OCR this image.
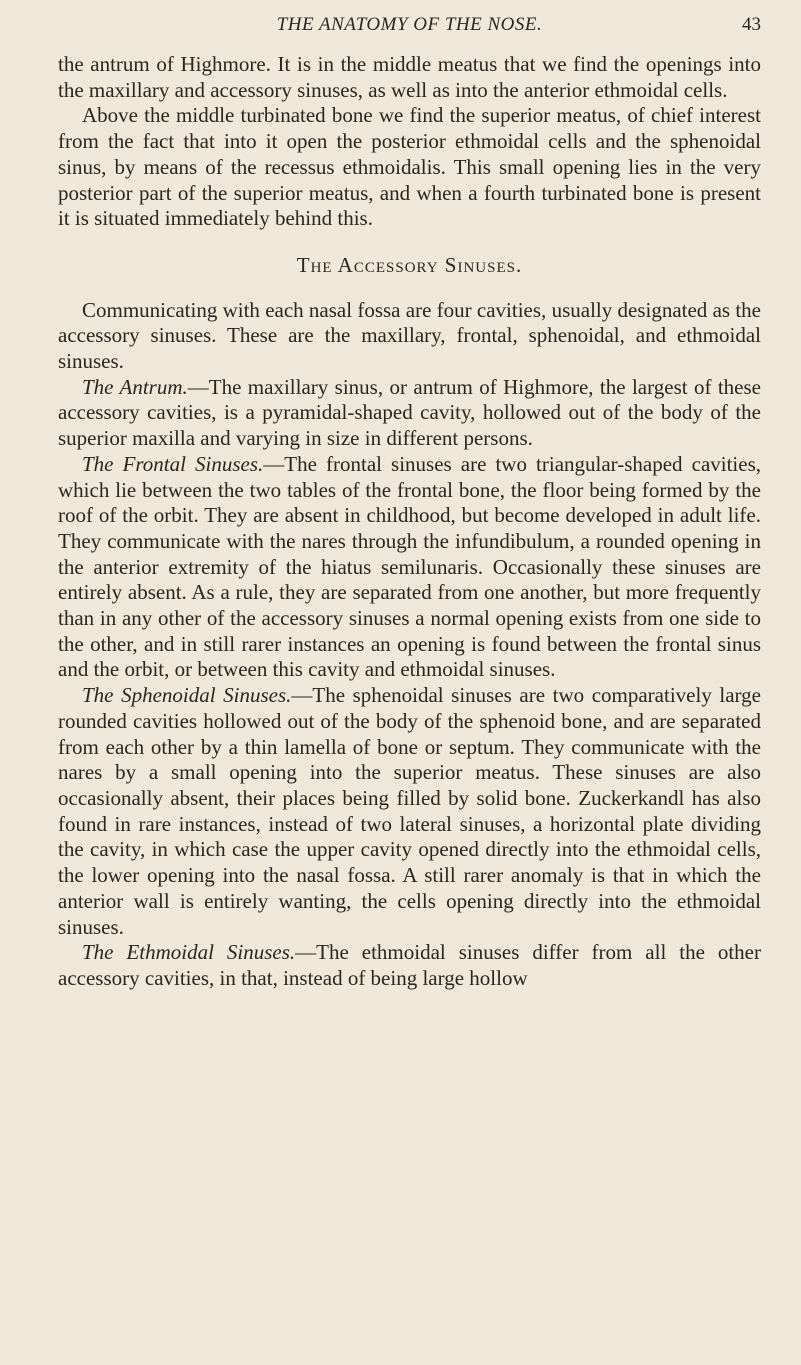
THE ANATOMY OF THE NOSE.	43

the antrum of Highmore. It is in the middle meatus that we find the openings into the maxillary and accessory sinuses, as well as into the anterior ethmoidal cells.

Above the middle turbinated bone we find the superior meatus, of chief interest from the fact that into it open the posterior ethmoidal cells and the sphenoidal sinus, by means of the recessus ethmoidalis. This small opening lies in the very posterior part of the superior meatus, and when a fourth turbinated bone is present it is situated immediately behind this.

The Accessory Sinuses.

Communicating with each nasal fossa are four cavities, usually designated as the accessory sinuses. These are the maxillary, frontal, sphenoidal, and ethmoidal sinuses.

The Antrum.—The maxillary sinus, or antrum of Highmore, the largest of these accessory cavities, is a pyramidal-shaped cavity, hollowed out of the body of the superior maxilla and varying in size in different persons.

The Frontal Sinuses.—The frontal sinuses are two triangular-shaped cavities, which lie between the two tables of the frontal bone, the floor being formed by the roof of the orbit. They are absent in childhood, but become developed in adult life. They communicate with the nares through the infundibulum, a rounded opening in the anterior extremity of the hiatus semilunaris. Occasionally these sinuses are entirely absent. As a rule, they are separated from one another, but more frequently than in any other of the accessory sinuses a normal opening exists from one side to the other, and in still rarer instances an opening is found between the frontal sinus and the orbit, or between this cavity and ethmoidal sinuses.

The Sphenoidal Sinuses.—The sphenoidal sinuses are two comparatively large rounded cavities hollowed out of the body of the sphenoid bone, and are separated from each other by a thin lamella of bone or septum. They communicate with the nares by a small opening into the superior meatus. These sinuses are also occasionally absent, their places being filled by solid bone. Zuckerkandl has also found in rare instances, instead of two lateral sinuses, a horizontal plate dividing the cavity, in which case the upper cavity opened directly into the ethmoidal cells, the lower opening into the nasal fossa. A still rarer anomaly is that in which the anterior wall is entirely wanting, the cells opening directly into the ethmoidal sinuses.

The Ethmoidal Sinuses.—The ethmoidal sinuses differ from all the other accessory cavities, in that, instead of being large hollow
